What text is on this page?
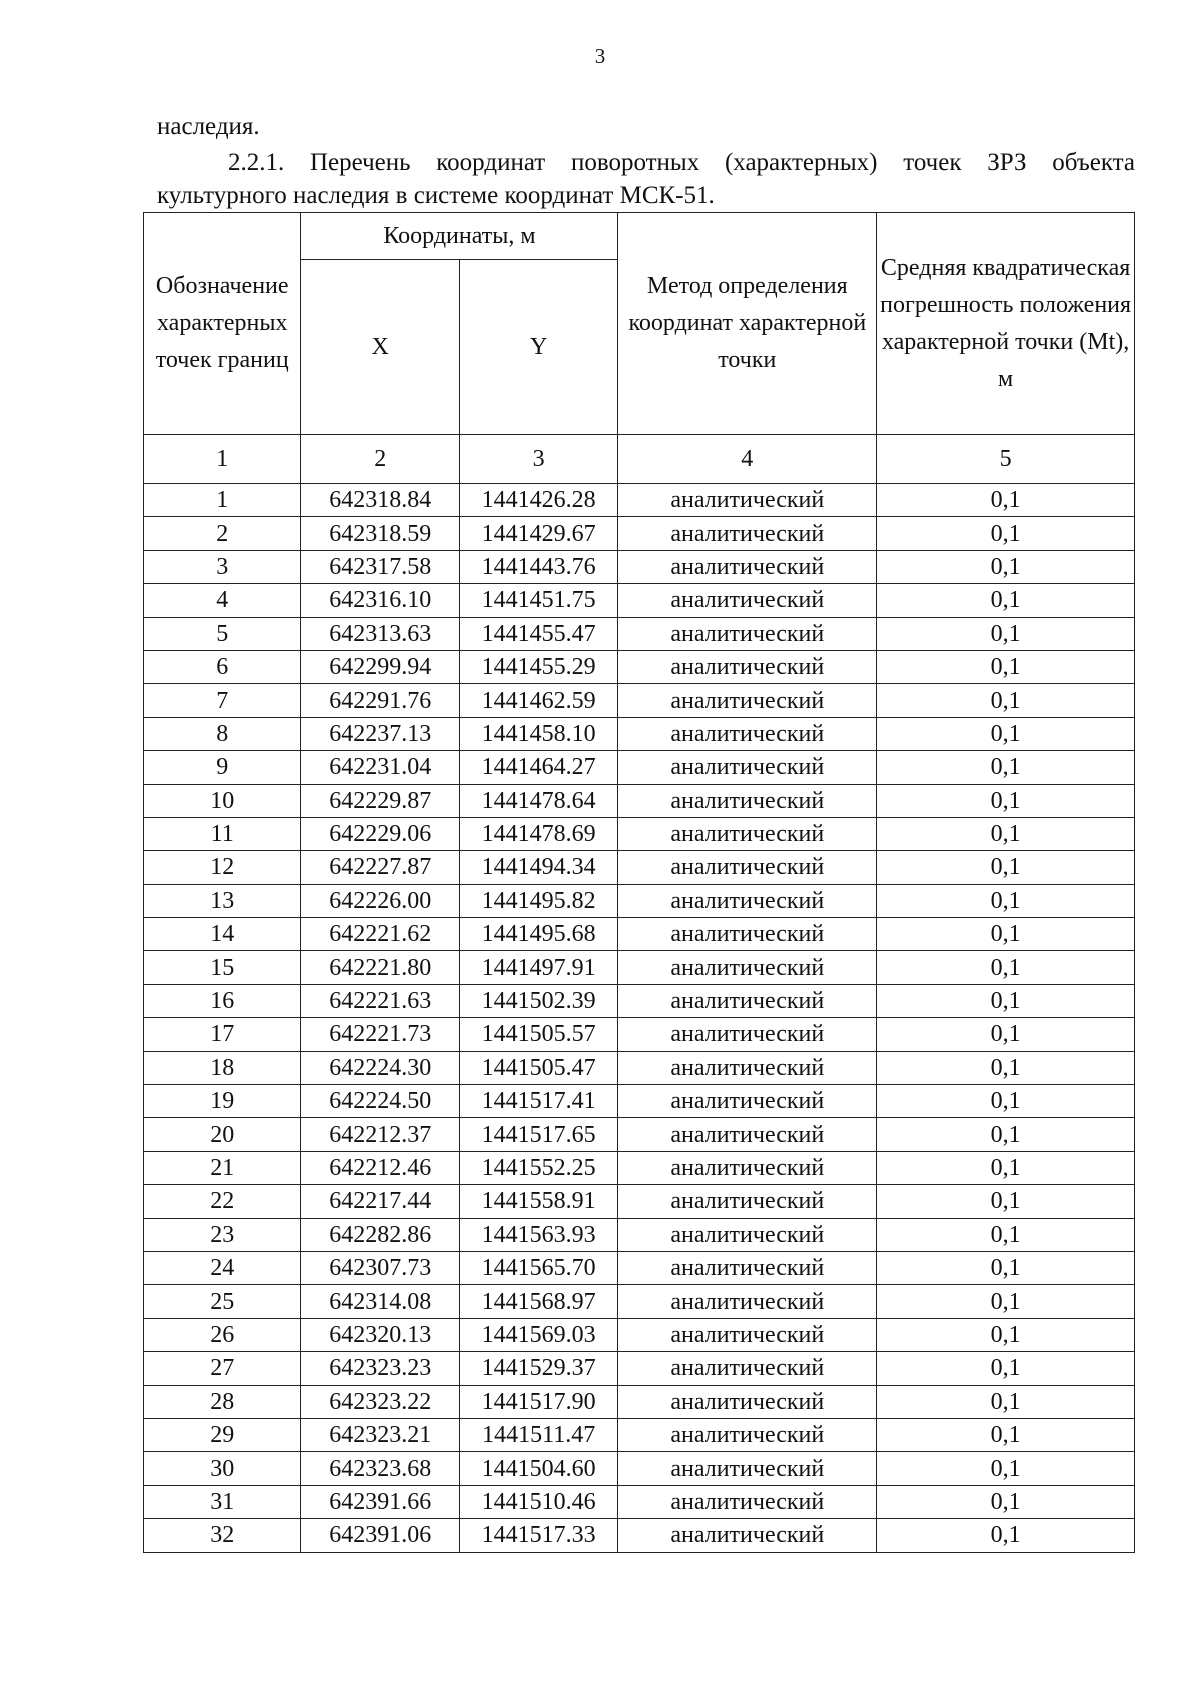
3
наследия.
2.2.1. Перечень координат поворотных (характерных) точек ЗРЗ объекта
культурного наследия в системе координат МСК-51.
Обозначение характерных точек границ	Координаты, м		Метод определения координат характерной точки	Средняя квадратическая погрешность положения характерной точки (Mt), м
	X	Y		
1	2	3	4	5
1	642318.84	1441426.28	аналитический	0,1
2	642318.59	1441429.67	аналитический	0,1
3	642317.58	1441443.76	аналитический	0,1
4	642316.10	1441451.75	аналитический	0,1
5	642313.63	1441455.47	аналитический	0,1
6	642299.94	1441455.29	аналитический	0,1
7	642291.76	1441462.59	аналитический	0,1
8	642237.13	1441458.10	аналитический	0,1
9	642231.04	1441464.27	аналитический	0,1
10	642229.87	1441478.64	аналитический	0,1
11	642229.06	1441478.69	аналитический	0,1
12	642227.87	1441494.34	аналитический	0,1
13	642226.00	1441495.82	аналитический	0,1
14	642221.62	1441495.68	аналитический	0,1
15	642221.80	1441497.91	аналитический	0,1
16	642221.63	1441502.39	аналитический	0,1
17	642221.73	1441505.57	аналитический	0,1
18	642224.30	1441505.47	аналитический	0,1
19	642224.50	1441517.41	аналитический	0,1
20	642212.37	1441517.65	аналитический	0,1
21	642212.46	1441552.25	аналитический	0,1
22	642217.44	1441558.91	аналитический	0,1
23	642282.86	1441563.93	аналитический	0,1
24	642307.73	1441565.70	аналитический	0,1
25	642314.08	1441568.97	аналитический	0,1
26	642320.13	1441569.03	аналитический	0,1
27	642323.23	1441529.37	аналитический	0,1
28	642323.22	1441517.90	аналитический	0,1
29	642323.21	1441511.47	аналитический	0,1
30	642323.68	1441504.60	аналитический	0,1
31	642391.66	1441510.46	аналитический	0,1
32	642391.06	1441517.33	аналитический	0,1
